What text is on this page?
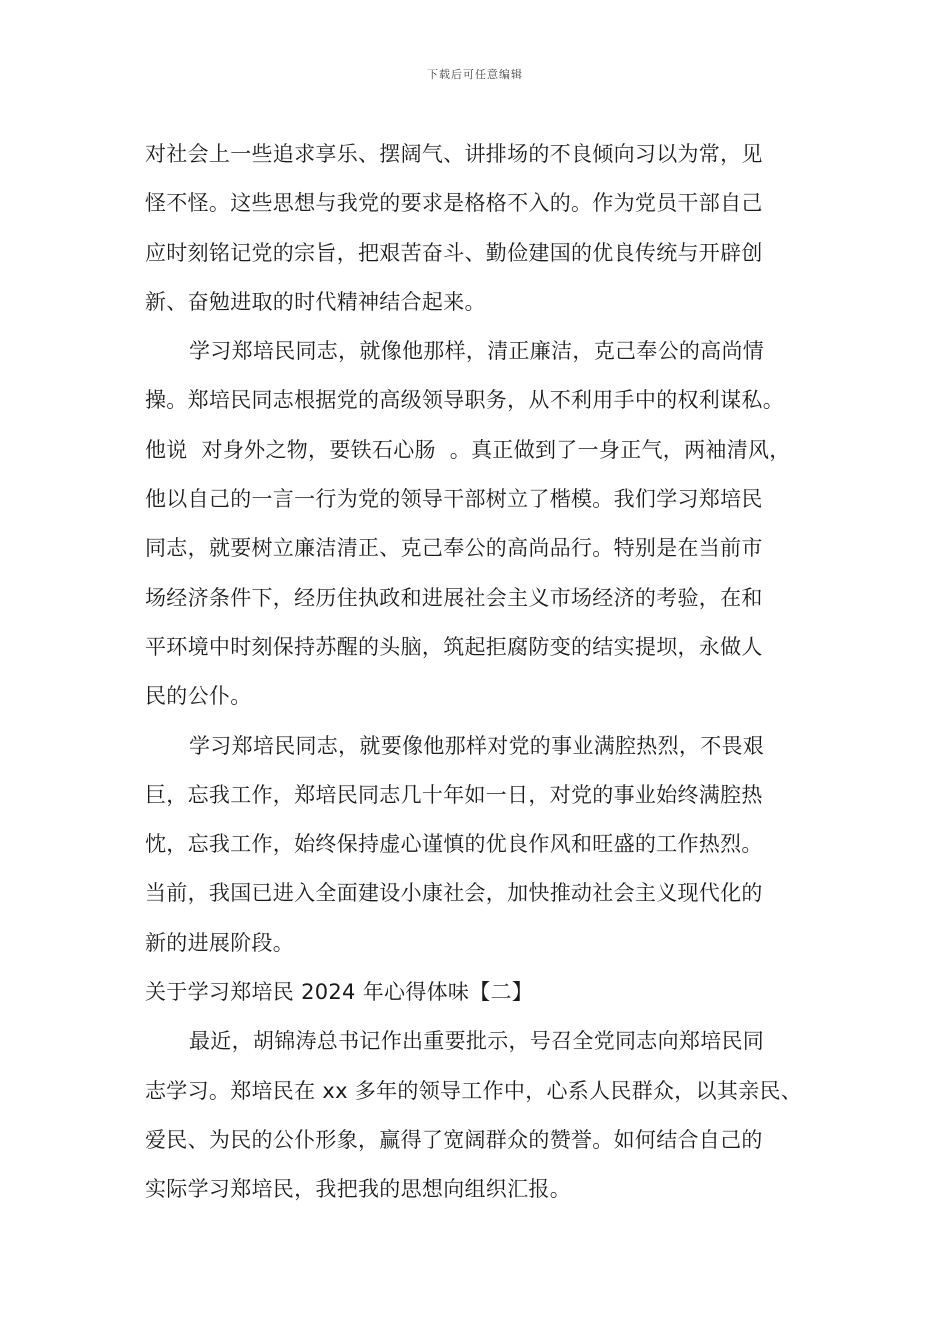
下载后可任意编辑
对社会上一些追求享乐、摆阔气、讲排场的不良倾向习以为常，见
怪不怪。这些思想与我党的要求是格格不入的。作为党员干部自己
应时刻铭记党的宗旨，把艰苦奋斗、勤俭建国的优良传统与开辟创
新、奋勉进取的时代精神结合起来。
学习郑培民同志，就像他那样，清正廉洁，克己奉公的高尚情
操。郑培民同志根据党的高级领导职务，从不利用手中的权利谋私。
他说  对身外之物，要铁石心肠  。真正做到了一身正气，两袖清风，
他以自己的一言一行为党的领导干部树立了楷模。我们学习郑培民
同志，就要树立廉洁清正、克己奉公的高尚品行。特别是在当前市
场经济条件下，经历住执政和进展社会主义市场经济的考验，在和
平环境中时刻保持苏醒的头脑，筑起拒腐防变的结实提坝，永做人
民的公仆。
学习郑培民同志，就要像他那样对党的事业满腔热烈，不畏艰
巨，忘我工作，郑培民同志几十年如一日，对党的事业始终满腔热
忱，忘我工作，始终保持虚心谨慎的优良作风和旺盛的工作热烈。
当前，我国已进入全面建设小康社会，加快推动社会主义现代化的
新的进展阶段。
关于学习郑培民 2024 年心得体味【二】
最近，胡锦涛总书记作出重要批示，号召全党同志向郑培民同
志学习。郑培民在 xx 多年的领导工作中，心系人民群众，以其亲民、
爱民、为民的公仆形象，赢得了宽阔群众的赞誉。如何结合自己的
实际学习郑培民，我把我的思想向组织汇报。
